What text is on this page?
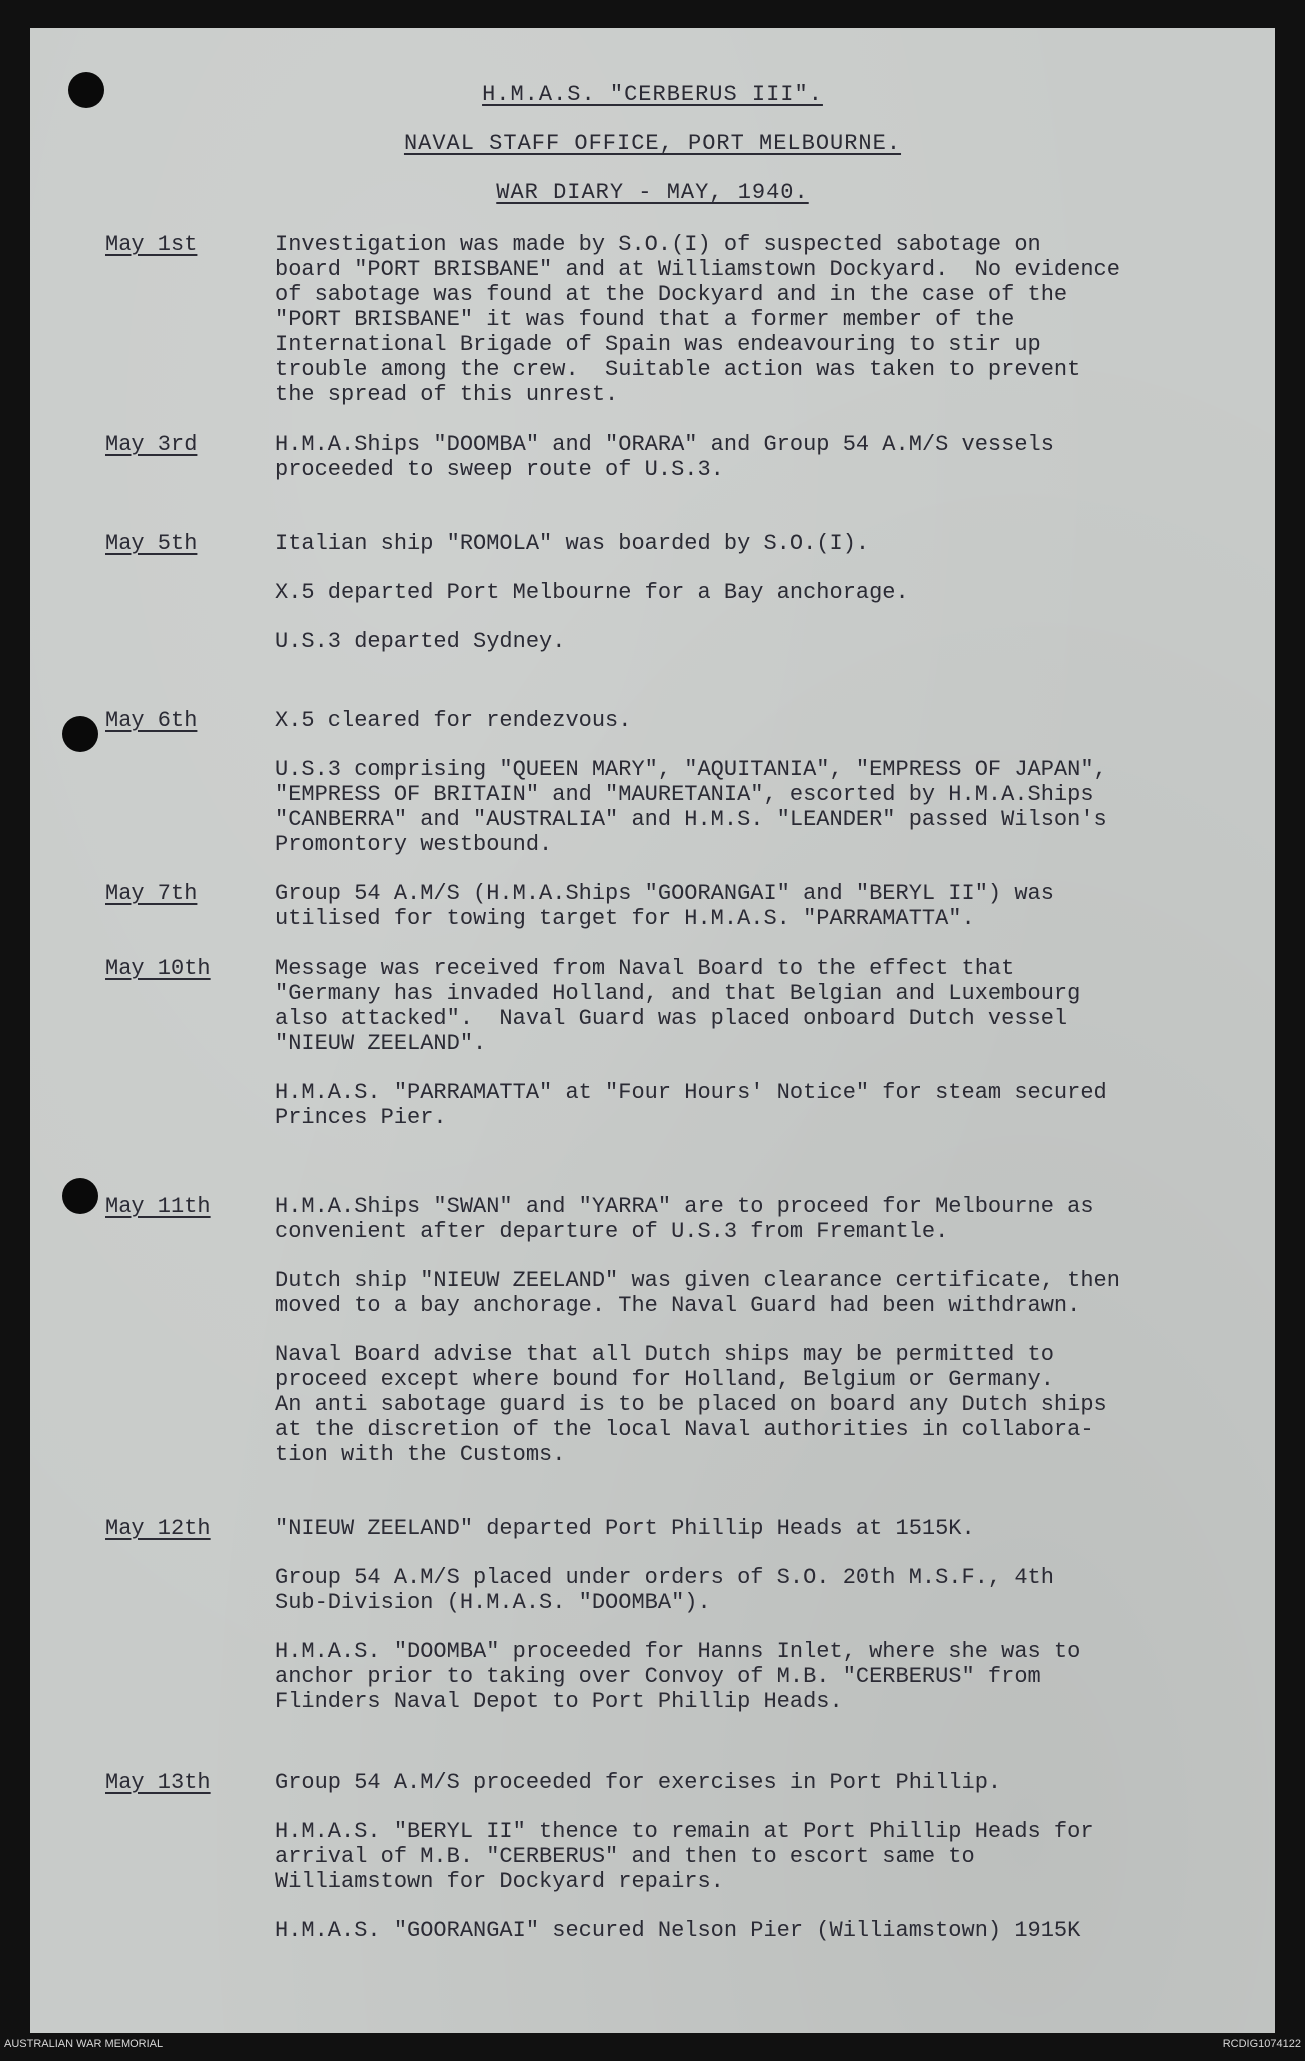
H.M.A.S. "CERBERUS III".
NAVAL STAFF OFFICE, PORT MELBOURNE.
WAR DIARY - MAY, 1940.
May 1st	Investigation was made by S.O.(I) of suspected sabotage on
board "PORT BRISBANE" and at Williamstown Dockyard.  No evidence
of sabotage was found at the Dockyard and in the case of the
"PORT BRISBANE" it was found that a former member of the
International Brigade of Spain was endeavouring to stir up
trouble among the crew.  Suitable action was taken to prevent
the spread of this unrest.

May 3rd	H.M.A.Ships "DOOMBA" and "ORARA" and Group 54 A.M/S vessels
proceeded to sweep route of U.S.3.

May 5th	Italian ship "ROMOLA" was boarded by S.O.(I).

X.5 departed Port Melbourne for a Bay anchorage.

U.S.3 departed Sydney.

May 6th	X.5 cleared for rendezvous.

U.S.3 comprising "QUEEN MARY", "AQUITANIA", "EMPRESS OF JAPAN",
"EMPRESS OF BRITAIN" and "MAURETANIA", escorted by H.M.A.Ships
"CANBERRA" and "AUSTRALIA" and H.M.S. "LEANDER" passed Wilson's
Promontory westbound.

May 7th	Group 54 A.M/S (H.M.A.Ships "GOORANGAI" and "BERYL II") was
utilised for towing target for H.M.A.S. "PARRAMATTA".

May 10th	Message was received from Naval Board to the effect that
"Germany has invaded Holland, and that Belgian and Luxembourg
also attacked".  Naval Guard was placed onboard Dutch vessel
"NIEUW ZEELAND".

H.M.A.S. "PARRAMATTA" at "Four Hours' Notice" for steam secured
Princes Pier.

May 11th	H.M.A.Ships "SWAN" and "YARRA" are to proceed for Melbourne as
convenient after departure of U.S.3 from Fremantle.

Dutch ship "NIEUW ZEELAND" was given clearance certificate, then
moved to a bay anchorage. The Naval Guard had been withdrawn.

Naval Board advise that all Dutch ships may be permitted to
proceed except where bound for Holland, Belgium or Germany.
An anti sabotage guard is to be placed on board any Dutch ships
at the discretion of the local Naval authorities in collabora-
tion with the Customs.

May 12th	"NIEUW ZEELAND" departed Port Phillip Heads at 1515K.

Group 54 A.M/S placed under orders of S.O. 20th M.S.F., 4th
Sub-Division (H.M.A.S. "DOOMBA").

H.M.A.S. "DOOMBA" proceeded for Hanns Inlet, where she was to
anchor prior to taking over Convoy of M.B. "CERBERUS" from
Flinders Naval Depot to Port Phillip Heads.

May 13th	Group 54 A.M/S proceeded for exercises in Port Phillip.

H.M.A.S. "BERYL II" thence to remain at Port Phillip Heads for
arrival of M.B. "CERBERUS" and then to escort same to
Williamstown for Dockyard repairs.

H.M.A.S. "GOORANGAI" secured Nelson Pier (Williamstown) 1915K

AUSTRALIAN WAR MEMORIAL	RCDIG1074122
